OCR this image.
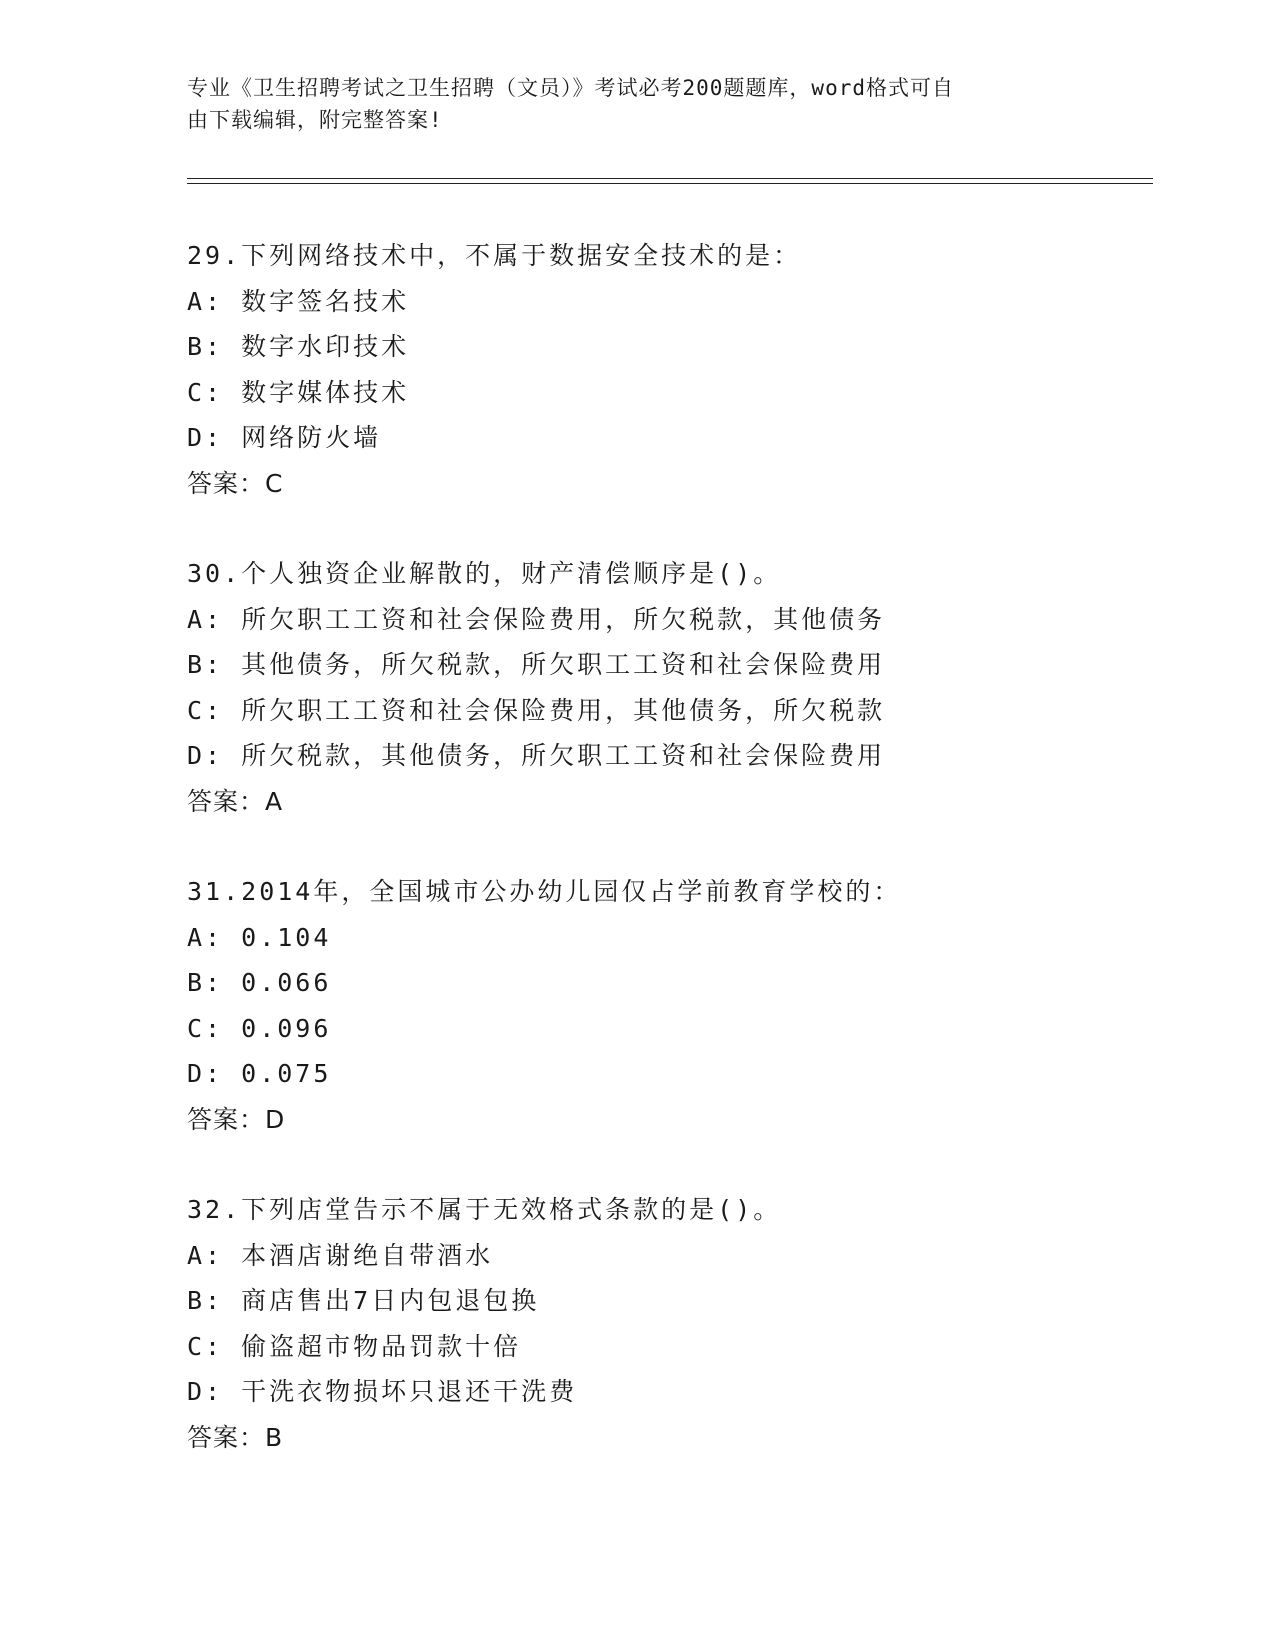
专业《卫生招聘考试之卫生招聘（文员）》考试必考200题题库，word格式可自
由下载编辑，附完整答案!
29.下列网络技术中，不属于数据安全技术的是：
A: 数字签名技术
B: 数字水印技术
C: 数字媒体技术
D: 网络防火墙
答案：C
30.个人独资企业解散的，财产清偿顺序是()。
A: 所欠职工工资和社会保险费用，所欠税款，其他债务
B: 其他债务，所欠税款，所欠职工工资和社会保险费用
C: 所欠职工工资和社会保险费用，其他债务，所欠税款
D: 所欠税款，其他债务，所欠职工工资和社会保险费用
答案：A
31.2014年，全国城市公办幼儿园仅占学前教育学校的：
A: 0.104
B: 0.066
C: 0.096
D: 0.075
答案：D
32.下列店堂告示不属于无效格式条款的是()。
A: 本酒店谢绝自带酒水
B: 商店售出7日内包退包换
C: 偷盗超市物品罚款十倍
D: 干洗衣物损坏只退还干洗费
答案：B
